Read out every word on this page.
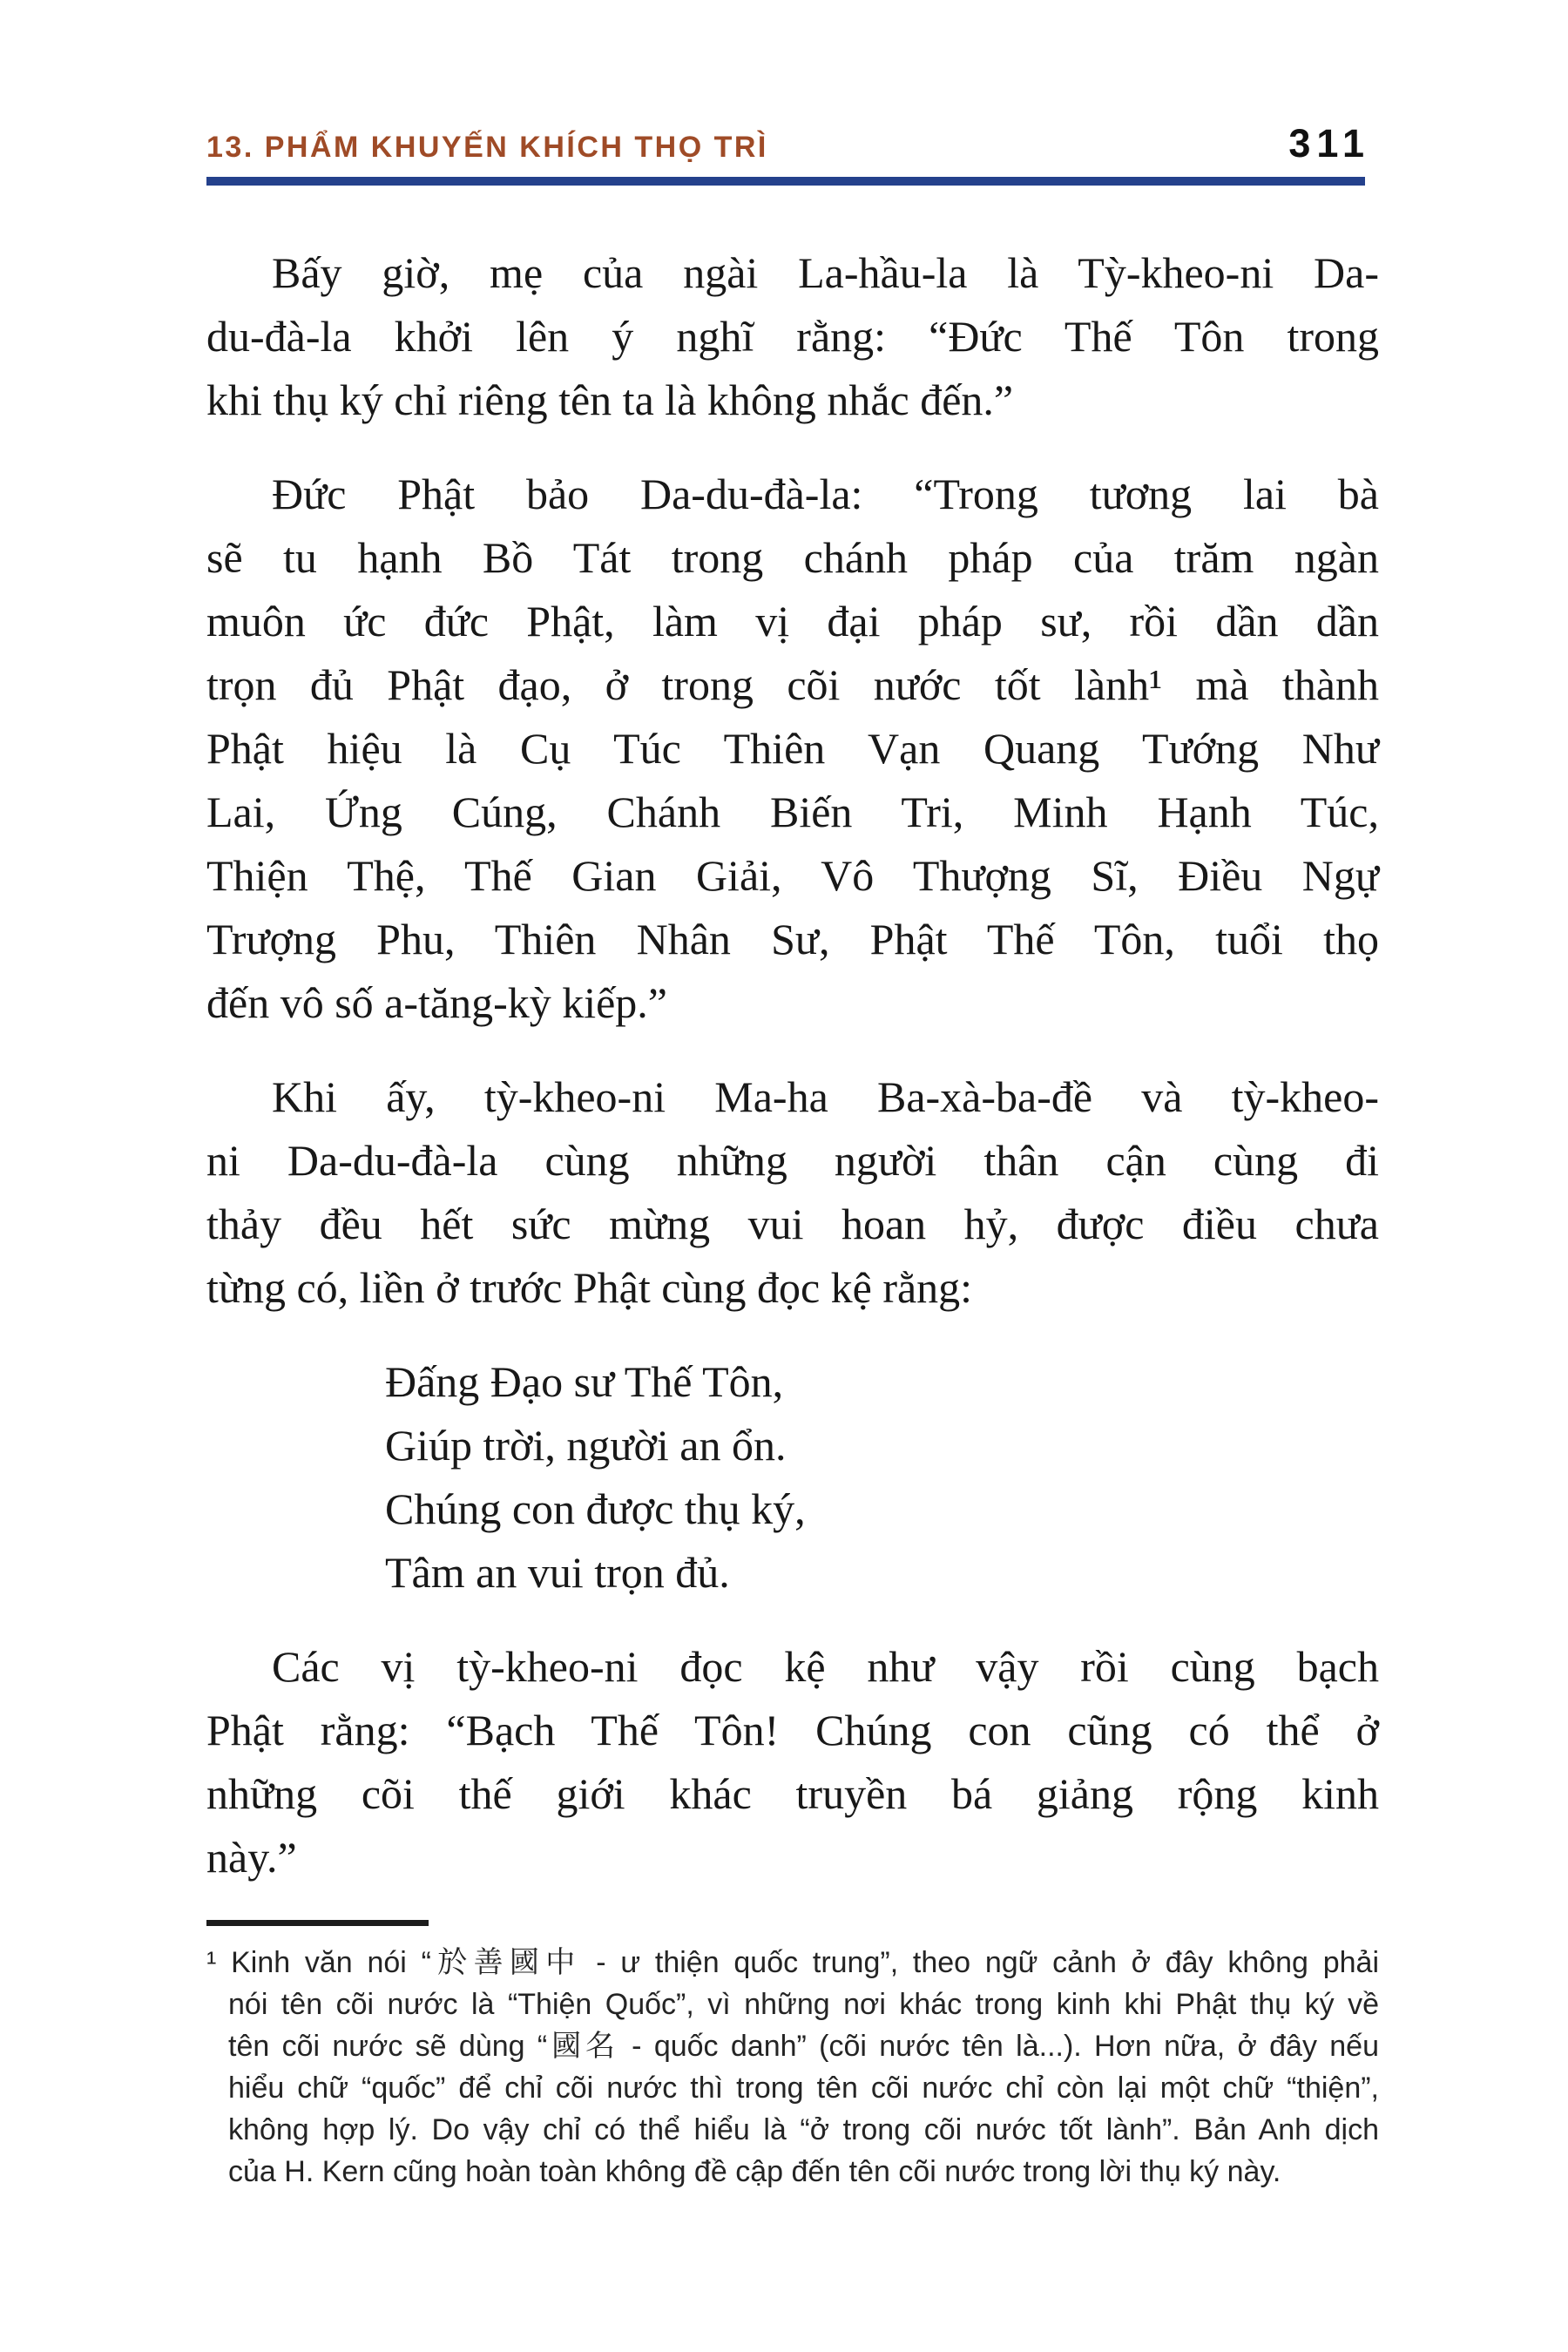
13. PHẨM KHUYẾN KHÍCH THỌ TRÌ	311
Bấy giờ, mẹ của ngài La-hầu-la là Tỳ-kheo-ni Da-
du-đà-la khởi lên ý nghĩ rằng: “Đức Thế Tôn trong
khi thụ ký chỉ riêng tên ta là không nhắc đến.”
Đức Phật bảo Da-du-đà-la: “Trong tương lai bà
sẽ tu hạnh Bồ Tát trong chánh pháp của trăm ngàn
muôn ức đức Phật, làm vị đại pháp sư, rồi dần dần
trọn đủ Phật đạo, ở trong cõi nước tốt lành¹ mà thành
Phật hiệu là Cụ Túc Thiên Vạn Quang Tướng Như
Lai, Ứng Cúng, Chánh Biến Tri, Minh Hạnh Túc,
Thiện Thệ, Thế Gian Giải, Vô Thượng Sĩ, Điều Ngự
Trượng Phu, Thiên Nhân Sư, Phật Thế Tôn, tuổi thọ
đến vô số a-tăng-kỳ kiếp.”
Khi ấy, tỳ-kheo-ni Ma-ha Ba-xà-ba-đề và tỳ-kheo-
ni Da-du-đà-la cùng những người thân cận cùng đi
thảy đều hết sức mừng vui hoan hỷ, được điều chưa
từng có, liền ở trước Phật cùng đọc kệ rằng:
Đấng Đạo sư Thế Tôn,
Giúp trời, người an ổn.
Chúng con được thụ ký,
Tâm an vui trọn đủ.
Các vị tỳ-kheo-ni đọc kệ như vậy rồi cùng bạch
Phật rằng: “Bạch Thế Tôn! Chúng con cũng có thể ở
những cõi thế giới khác truyền bá giảng rộng kinh
này.”
¹ Kinh văn nói “於善國中 - ư thiện quốc trung”, theo ngữ cảnh ở đây không phải
nói tên cõi nước là “Thiện Quốc”, vì những nơi khác trong kinh khi Phật thụ ký về
tên cõi nước sẽ dùng “國名 - quốc danh” (cõi nước tên là...). Hơn nữa, ở đây nếu
hiểu chữ “quốc” để chỉ cõi nước thì trong tên cõi nước chỉ còn lại một chữ “thiện”,
không hợp lý. Do vậy chỉ có thể hiểu là “ở trong cõi nước tốt lành”. Bản Anh dịch
của H. Kern cũng hoàn toàn không đề cập đến tên cõi nước trong lời thụ ký này.
